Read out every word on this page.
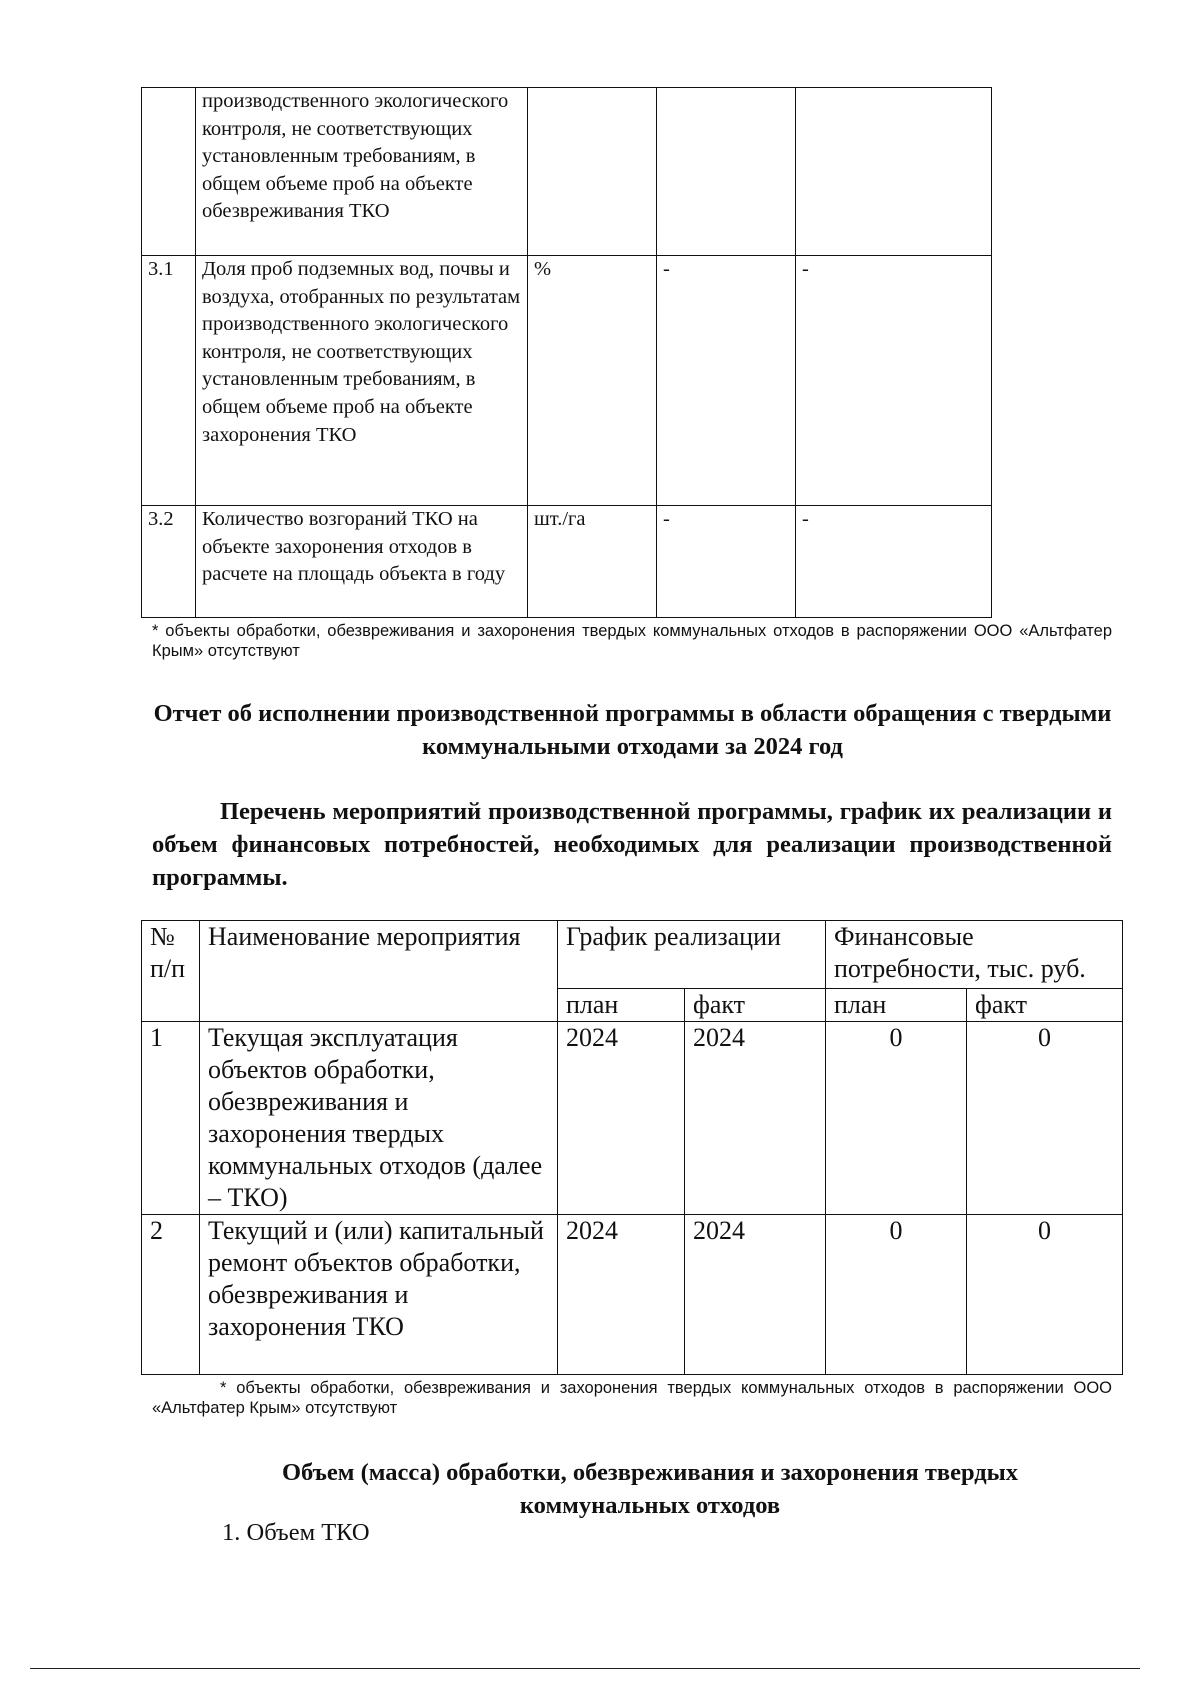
	производственного экологического контроля, не соответствующих установленным требованиям, в общем объеме проб на объекте обезвреживания ТКО			
3.1	Доля проб подземных вод, почвы и воздуха, отобранных по результатам производственного экологического контроля, не соответствующих установленным требованиям, в общем объеме проб на объекте захоронения ТКО	%	-	-
3.2	Количество возгораний ТКО на объекте захоронения отходов в расчете на площадь объекта в году	шт./га	-	-
* объекты обработки, обезвреживания и захоронения твердых коммунальных отходов в распоряжении ООО «Альтфатер Крым» отсутствуют
Отчет об исполнении производственной программы в области обращения с твердыми коммунальными отходами за 2024 год
Перечень мероприятий производственной программы, график их реализации и объем финансовых потребностей, необходимых для реализации производственной программы.
№ п/п	Наименование мероприятия	График реализации		Финансовые потребности, тыс. руб.	
		план	факт	план	факт
1	Текущая эксплуатация объектов обработки, обезвреживания и захоронения твердых коммунальных отходов (далее – ТКО)	2024	2024	0	0
2	Текущий и (или) капитальный ремонт объектов обработки, обезвреживания и захоронения ТКО	2024	2024	0	0
* объекты обработки, обезвреживания и захоронения твердых коммунальных отходов в распоряжении ООО «Альтфатер Крым» отсутствуют
Объем (масса) обработки, обезвреживания и захоронения твердых коммунальных отходов
1. Объем ТКО
